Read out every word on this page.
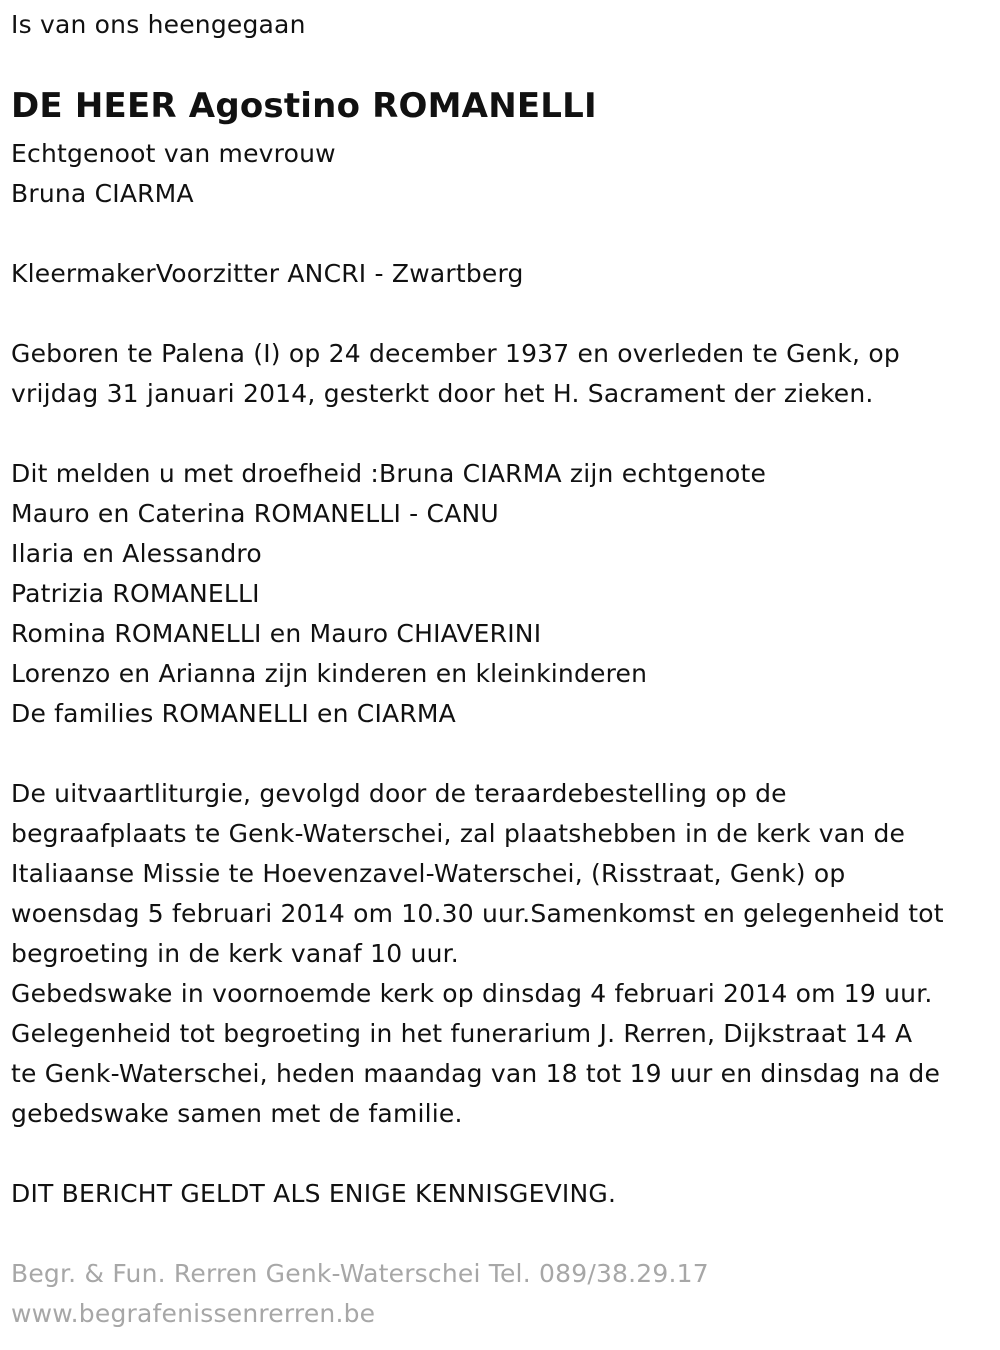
Is van ons heengegaan
DE HEER Agostino ROMANELLI
Echtgenoot van mevrouw
Bruna CIARMA
KleermakerVoorzitter ANCRI - Zwartberg
Geboren te Palena (I) op 24 december 1937 en overleden te Genk, op
vrijdag 31 januari 2014, gesterkt door het H. Sacrament der zieken.
Dit melden u met droefheid :Bruna CIARMA zijn echtgenote
Mauro en Caterina ROMANELLI - CANU
Ilaria en Alessandro
Patrizia ROMANELLI
Romina ROMANELLI en Mauro CHIAVERINI
Lorenzo en Arianna zijn kinderen en kleinkinderen
De families ROMANELLI en CIARMA
De uitvaartliturgie, gevolgd door de teraardebestelling op de
begraafplaats te Genk-Waterschei, zal plaatshebben in de kerk van de
Italiaanse Missie te Hoevenzavel-Waterschei, (Risstraat, Genk) op
woensdag 5 februari 2014 om 10.30 uur.Samenkomst en gelegenheid tot
begroeting in de kerk vanaf 10 uur.
Gebedswake in voornoemde kerk op dinsdag 4 februari 2014 om 19 uur.
Gelegenheid tot begroeting in het funerarium J. Rerren, Dijkstraat 14 A
te Genk-Waterschei, heden maandag van 18 tot 19 uur en dinsdag na de
gebedswake samen met de familie.
DIT BERICHT GELDT ALS ENIGE KENNISGEVING.
Begr. & Fun. Rerren Genk-Waterschei Tel. 089/38.29.17
www.begrafenissenrerren.be
